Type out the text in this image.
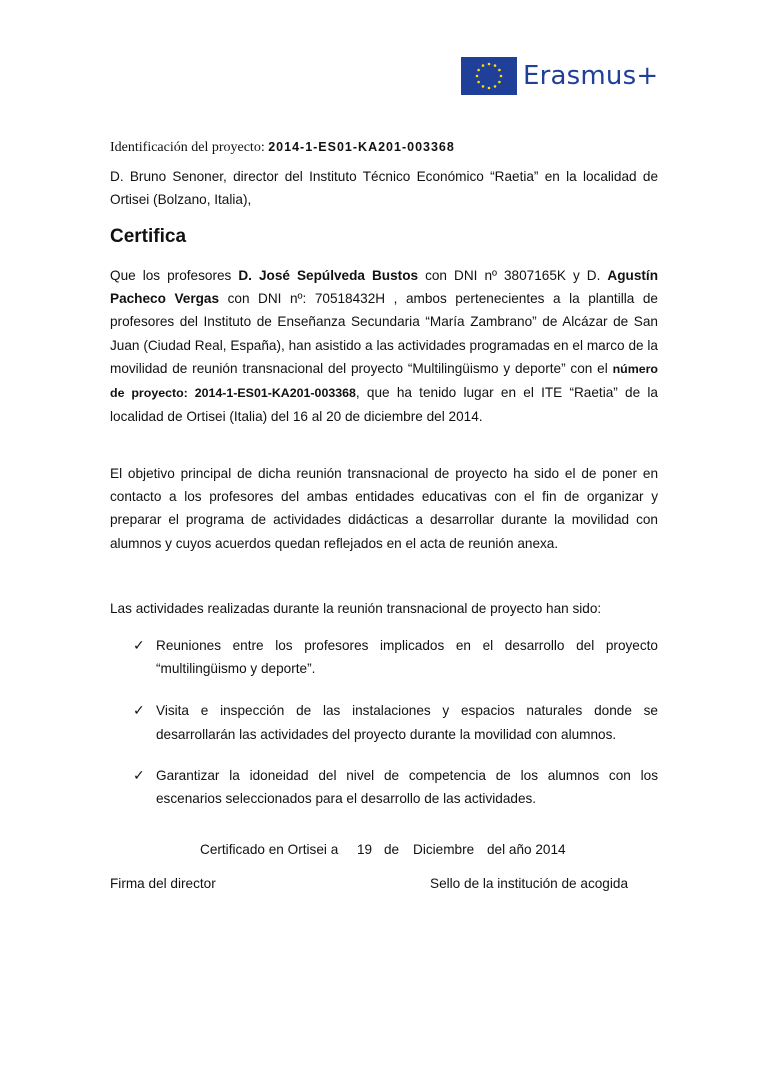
Erasmus+
Identificación del proyecto: 2014-1-ES01-KA201-003368
D. Bruno Senoner, director del Instituto Técnico Económico “Raetia” en la localidad de Ortisei (Bolzano, Italia),
Certifica
Que los profesores D. José Sepúlveda Bustos con DNI nº 3807165K y D. Agustín Pacheco Vergas con DNI nº: 70518432H , ambos pertenecientes a la plantilla de profesores del Instituto de Enseñanza Secundaria “María Zambrano” de Alcázar de San Juan (Ciudad Real, España), han asistido a las actividades programadas en el marco de la movilidad de reunión transnacional del proyecto “Multilingüismo y deporte” con el número de proyecto: 2014-1-ES01-KA201-003368, que ha tenido lugar en el ITE “Raetia” de la localidad de Ortisei (Italia) del 16 al 20 de diciembre del 2014.
El objetivo principal de dicha reunión transnacional de proyecto ha sido el de poner en contacto a los profesores del ambas entidades educativas con el fin de organizar y preparar el programa de actividades didácticas a desarrollar durante la movilidad con alumnos y cuyos acuerdos quedan reflejados en el acta de reunión anexa.
Las actividades realizadas durante la reunión transnacional de proyecto han sido:
✓ Reuniones entre los profesores implicados en el desarrollo del proyecto “multilingüismo y deporte”.
✓ Visita e inspección de las instalaciones y espacios naturales donde se desarrollarán las actividades del proyecto durante la movilidad con alumnos.
✓ Garantizar la idoneidad del nivel de competencia de los alumnos con los escenarios seleccionados para el desarrollo de las actividades.
Certificado en Ortisei a 19 de Diciembre del año 2014
Firma del director	Sello de la institución de acogida
